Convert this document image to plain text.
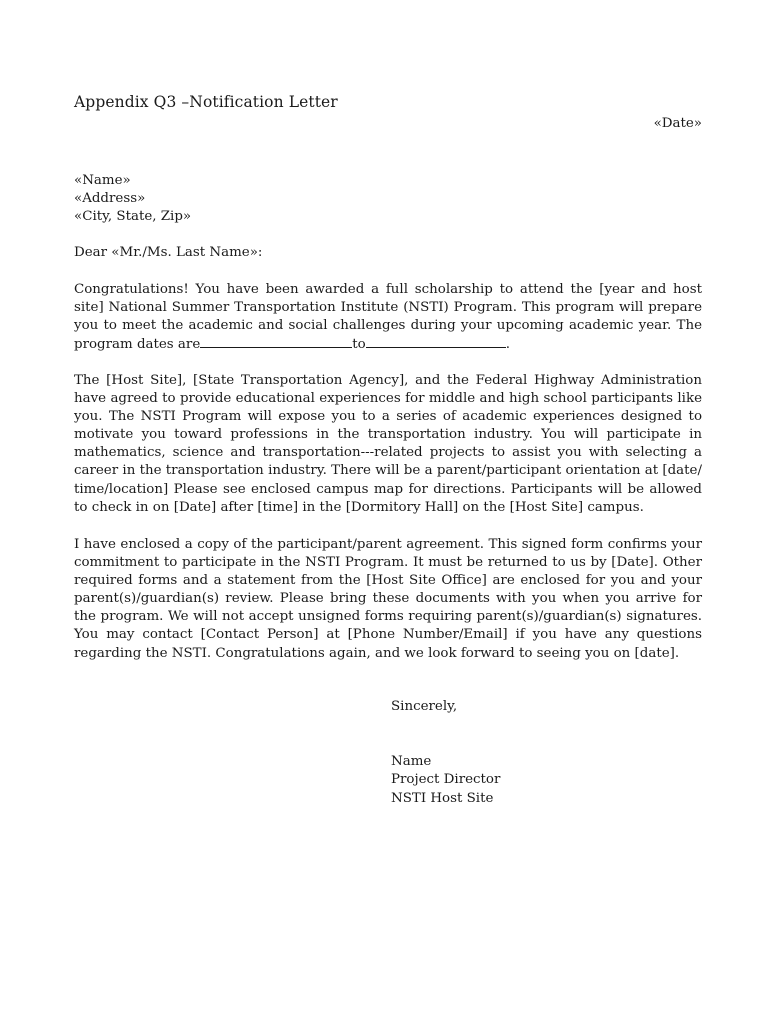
Appendix Q3 –Notification Letter
«Date»
«Name»
«Address»
«City, State, Zip»
Dear «Mr./Ms. Last Name»:

Congratulations! You have been awarded a full scholarship to attend the [year and host site] National Summer Transportation Institute (NSTI) Program. This program will prepare you to meet the academic and social challenges during your upcoming academic year. The program dates are	to	.

The [Host Site], [State Transportation Agency], and the Federal Highway Administration have agreed to provide educational experiences for middle and high school participants like you. The NSTI Program will expose you to a series of academic experiences designed to motivate you toward professions in the transportation industry. You will participate in mathematics, science and transportation---related projects to assist you with selecting a career in the transportation industry. There will be a parent/participant orientation at [date/ time/location] Please see enclosed campus map for directions. Participants will be allowed to check in on [Date] after [time] in the [Dormitory Hall] on the [Host Site] campus.

I have enclosed a copy of the participant/parent agreement. This signed form confirms your commitment to participate in the NSTI Program. It must be returned to us by [Date]. Other required forms and a statement from the [Host Site Office] are enclosed for you and your parent(s)/guardian(s) review. Please bring these documents with you when you arrive for the program. We will not accept unsigned forms requiring parent(s)/guardian(s) signatures. You may contact [Contact Person] at [Phone Number/Email] if you have any questions regarding the NSTI. Congratulations again, and we look forward to seeing you on [date].

Sincerely,
Name
Project Director
NSTI Host Site
